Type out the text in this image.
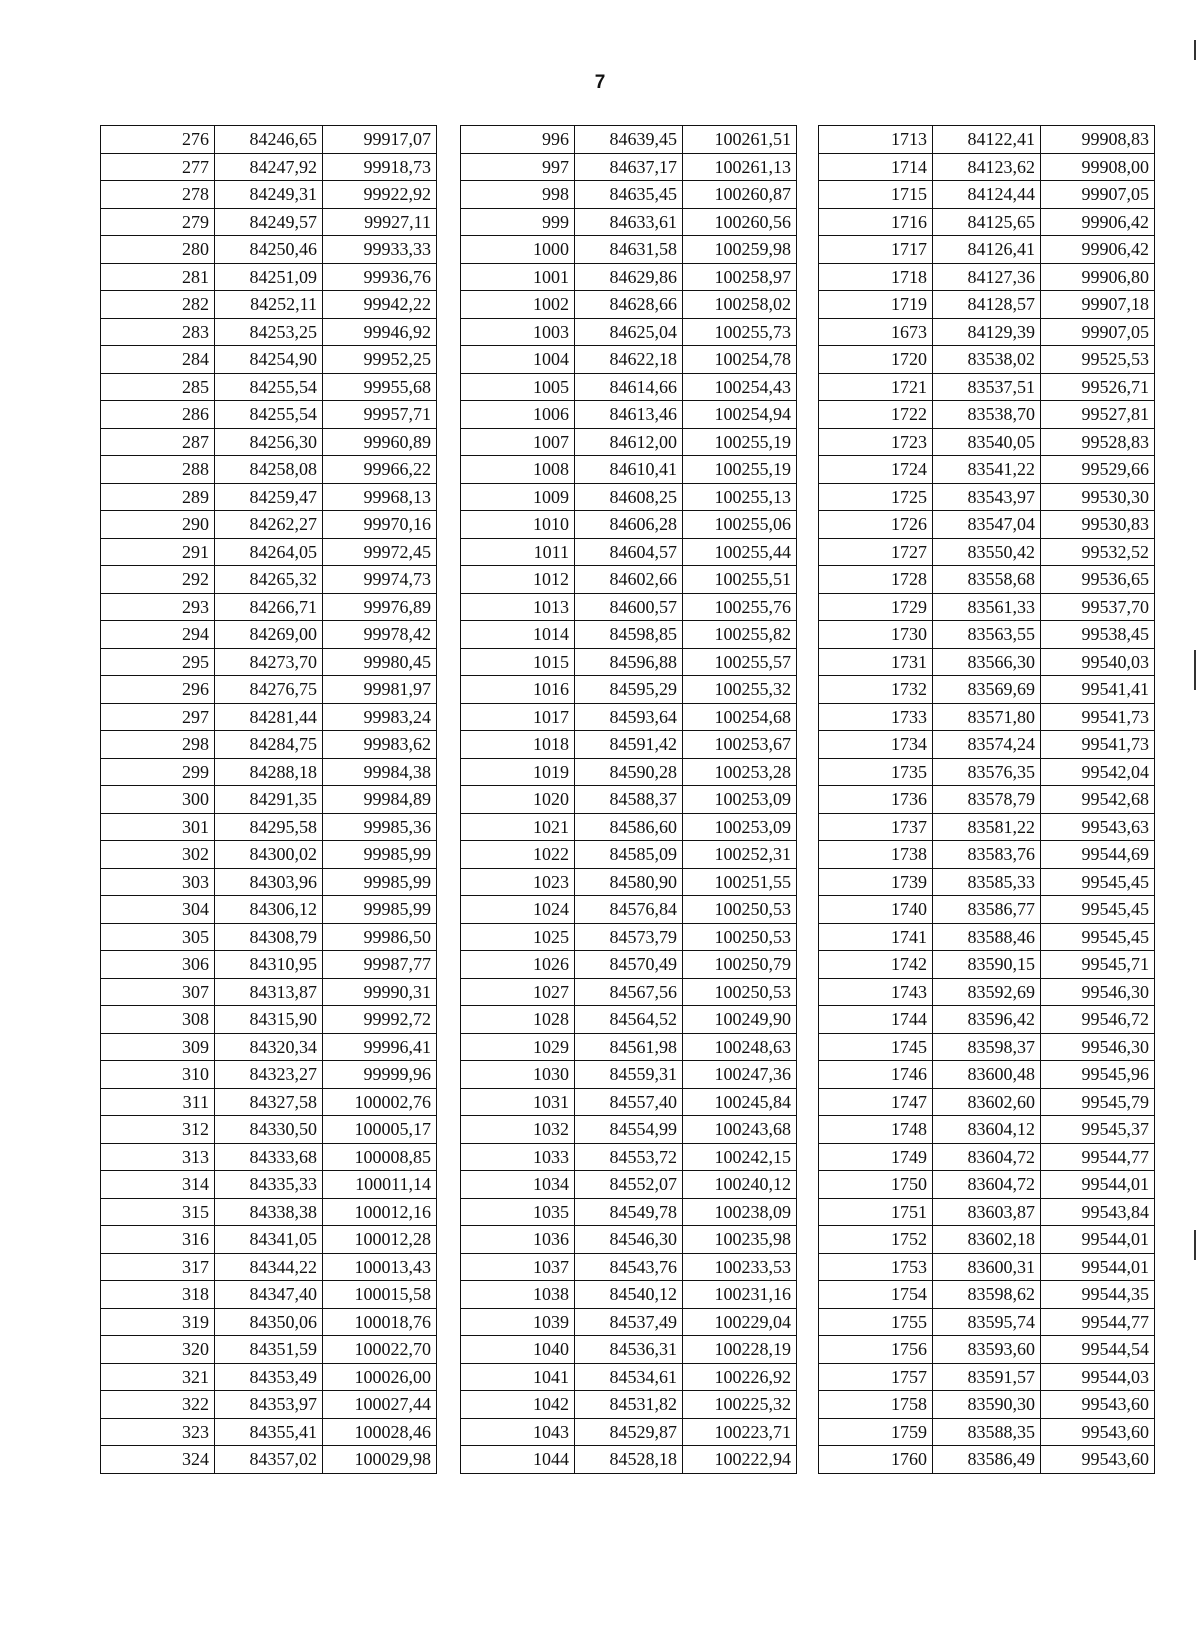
7
276	84246,65	99917,07
277	84247,92	99918,73
278	84249,31	99922,92
279	84249,57	99927,11
280	84250,46	99933,33
281	84251,09	99936,76
282	84252,11	99942,22
283	84253,25	99946,92
284	84254,90	99952,25
285	84255,54	99955,68
286	84255,54	99957,71
287	84256,30	99960,89
288	84258,08	99966,22
289	84259,47	99968,13
290	84262,27	99970,16
291	84264,05	99972,45
292	84265,32	99974,73
293	84266,71	99976,89
294	84269,00	99978,42
295	84273,70	99980,45
296	84276,75	99981,97
297	84281,44	99983,24
298	84284,75	99983,62
299	84288,18	99984,38
300	84291,35	99984,89
301	84295,58	99985,36
302	84300,02	99985,99
303	84303,96	99985,99
304	84306,12	99985,99
305	84308,79	99986,50
306	84310,95	99987,77
307	84313,87	99990,31
308	84315,90	99992,72
309	84320,34	99996,41
310	84323,27	99999,96
311	84327,58	100002,76
312	84330,50	100005,17
313	84333,68	100008,85
314	84335,33	100011,14
315	84338,38	100012,16
316	84341,05	100012,28
317	84344,22	100013,43
318	84347,40	100015,58
319	84350,06	100018,76
320	84351,59	100022,70
321	84353,49	100026,00
322	84353,97	100027,44
323	84355,41	100028,46
324	84357,02	100029,98
996	84639,45	100261,51
997	84637,17	100261,13
998	84635,45	100260,87
999	84633,61	100260,56
1000	84631,58	100259,98
1001	84629,86	100258,97
1002	84628,66	100258,02
1003	84625,04	100255,73
1004	84622,18	100254,78
1005	84614,66	100254,43
1006	84613,46	100254,94
1007	84612,00	100255,19
1008	84610,41	100255,19
1009	84608,25	100255,13
1010	84606,28	100255,06
1011	84604,57	100255,44
1012	84602,66	100255,51
1013	84600,57	100255,76
1014	84598,85	100255,82
1015	84596,88	100255,57
1016	84595,29	100255,32
1017	84593,64	100254,68
1018	84591,42	100253,67
1019	84590,28	100253,28
1020	84588,37	100253,09
1021	84586,60	100253,09
1022	84585,09	100252,31
1023	84580,90	100251,55
1024	84576,84	100250,53
1025	84573,79	100250,53
1026	84570,49	100250,79
1027	84567,56	100250,53
1028	84564,52	100249,90
1029	84561,98	100248,63
1030	84559,31	100247,36
1031	84557,40	100245,84
1032	84554,99	100243,68
1033	84553,72	100242,15
1034	84552,07	100240,12
1035	84549,78	100238,09
1036	84546,30	100235,98
1037	84543,76	100233,53
1038	84540,12	100231,16
1039	84537,49	100229,04
1040	84536,31	100228,19
1041	84534,61	100226,92
1042	84531,82	100225,32
1043	84529,87	100223,71
1044	84528,18	100222,94
1713	84122,41	99908,83
1714	84123,62	99908,00
1715	84124,44	99907,05
1716	84125,65	99906,42
1717	84126,41	99906,42
1718	84127,36	99906,80
1719	84128,57	99907,18
1673	84129,39	99907,05
1720	83538,02	99525,53
1721	83537,51	99526,71
1722	83538,70	99527,81
1723	83540,05	99528,83
1724	83541,22	99529,66
1725	83543,97	99530,30
1726	83547,04	99530,83
1727	83550,42	99532,52
1728	83558,68	99536,65
1729	83561,33	99537,70
1730	83563,55	99538,45
1731	83566,30	99540,03
1732	83569,69	99541,41
1733	83571,80	99541,73
1734	83574,24	99541,73
1735	83576,35	99542,04
1736	83578,79	99542,68
1737	83581,22	99543,63
1738	83583,76	99544,69
1739	83585,33	99545,45
1740	83586,77	99545,45
1741	83588,46	99545,45
1742	83590,15	99545,71
1743	83592,69	99546,30
1744	83596,42	99546,72
1745	83598,37	99546,30
1746	83600,48	99545,96
1747	83602,60	99545,79
1748	83604,12	99545,37
1749	83604,72	99544,77
1750	83604,72	99544,01
1751	83603,87	99543,84
1752	83602,18	99544,01
1753	83600,31	99544,01
1754	83598,62	99544,35
1755	83595,74	99544,77
1756	83593,60	99544,54
1757	83591,57	99544,03
1758	83590,30	99543,60
1759	83588,35	99543,60
1760	83586,49	99543,60
